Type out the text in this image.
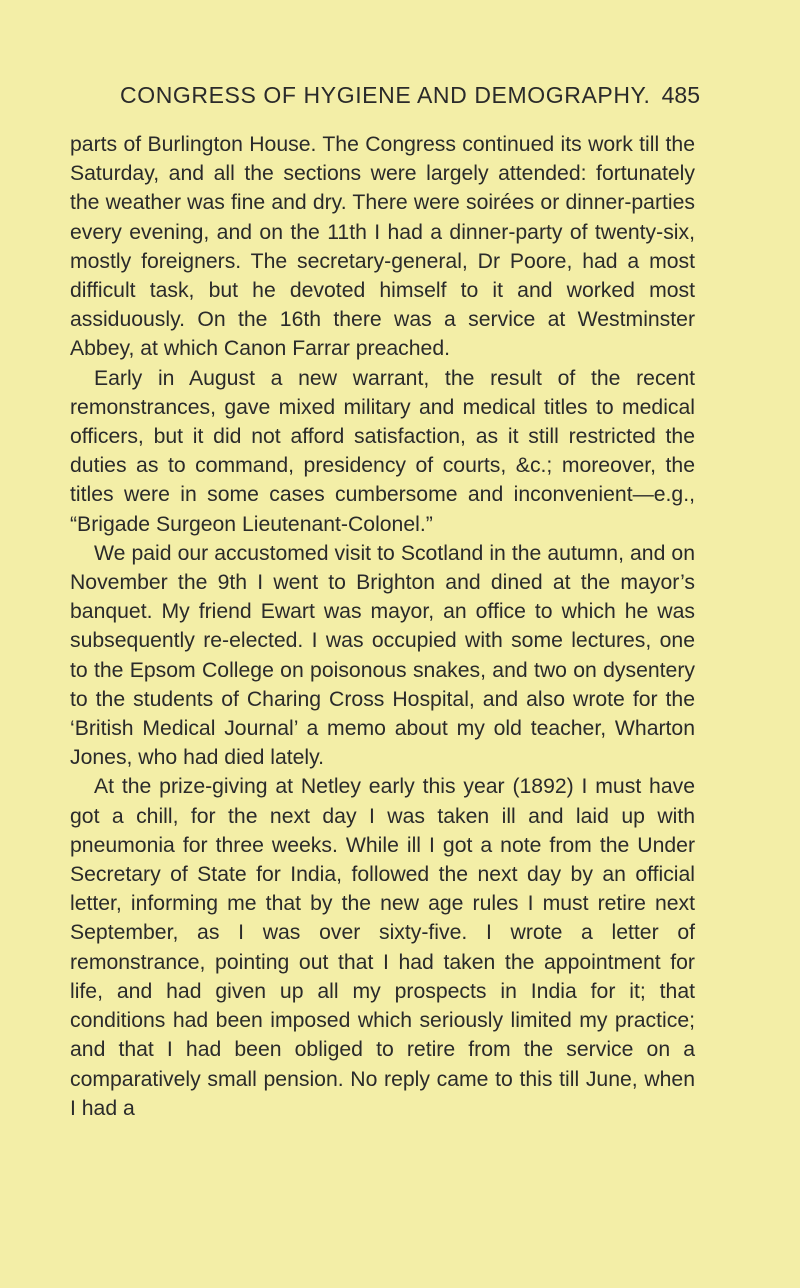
CONGRESS OF HYGIENE AND DEMOGRAPHY. 485

parts of Burlington House. The Congress continued its work till the Saturday, and all the sections were largely attended: fortunately the weather was fine and dry. There were soirées or dinner-parties every evening, and on the 11th I had a dinner-party of twenty-six, mostly foreigners. The secretary-general, Dr Poore, had a most difficult task, but he devoted himself to it and worked most assiduously. On the 16th there was a service at Westminster Abbey, at which Canon Farrar preached.

Early in August a new warrant, the result of the recent remonstrances, gave mixed military and medical titles to medical officers, but it did not afford satisfaction, as it still restricted the duties as to command, presidency of courts, &c.; moreover, the titles were in some cases cumbersome and inconvenient—e.g., “Brigade Surgeon Lieutenant-Colonel.”

We paid our accustomed visit to Scotland in the autumn, and on November the 9th I went to Brighton and dined at the mayor’s banquet. My friend Ewart was mayor, an office to which he was subsequently re-elected. I was occupied with some lectures, one to the Epsom College on poisonous snakes, and two on dysentery to the students of Charing Cross Hospital, and also wrote for the ‘British Medical Journal’ a memo about my old teacher, Wharton Jones, who had died lately.

At the prize-giving at Netley early this year (1892) I must have got a chill, for the next day I was taken ill and laid up with pneumonia for three weeks. While ill I got a note from the Under Secretary of State for India, followed the next day by an official letter, informing me that by the new age rules I must retire next September, as I was over sixty-five. I wrote a letter of remonstrance, pointing out that I had taken the appointment for life, and had given up all my prospects in India for it; that conditions had been imposed which seriously limited my practice; and that I had been obliged to retire from the service on a comparatively small pension. No reply came to this till June, when I had a
